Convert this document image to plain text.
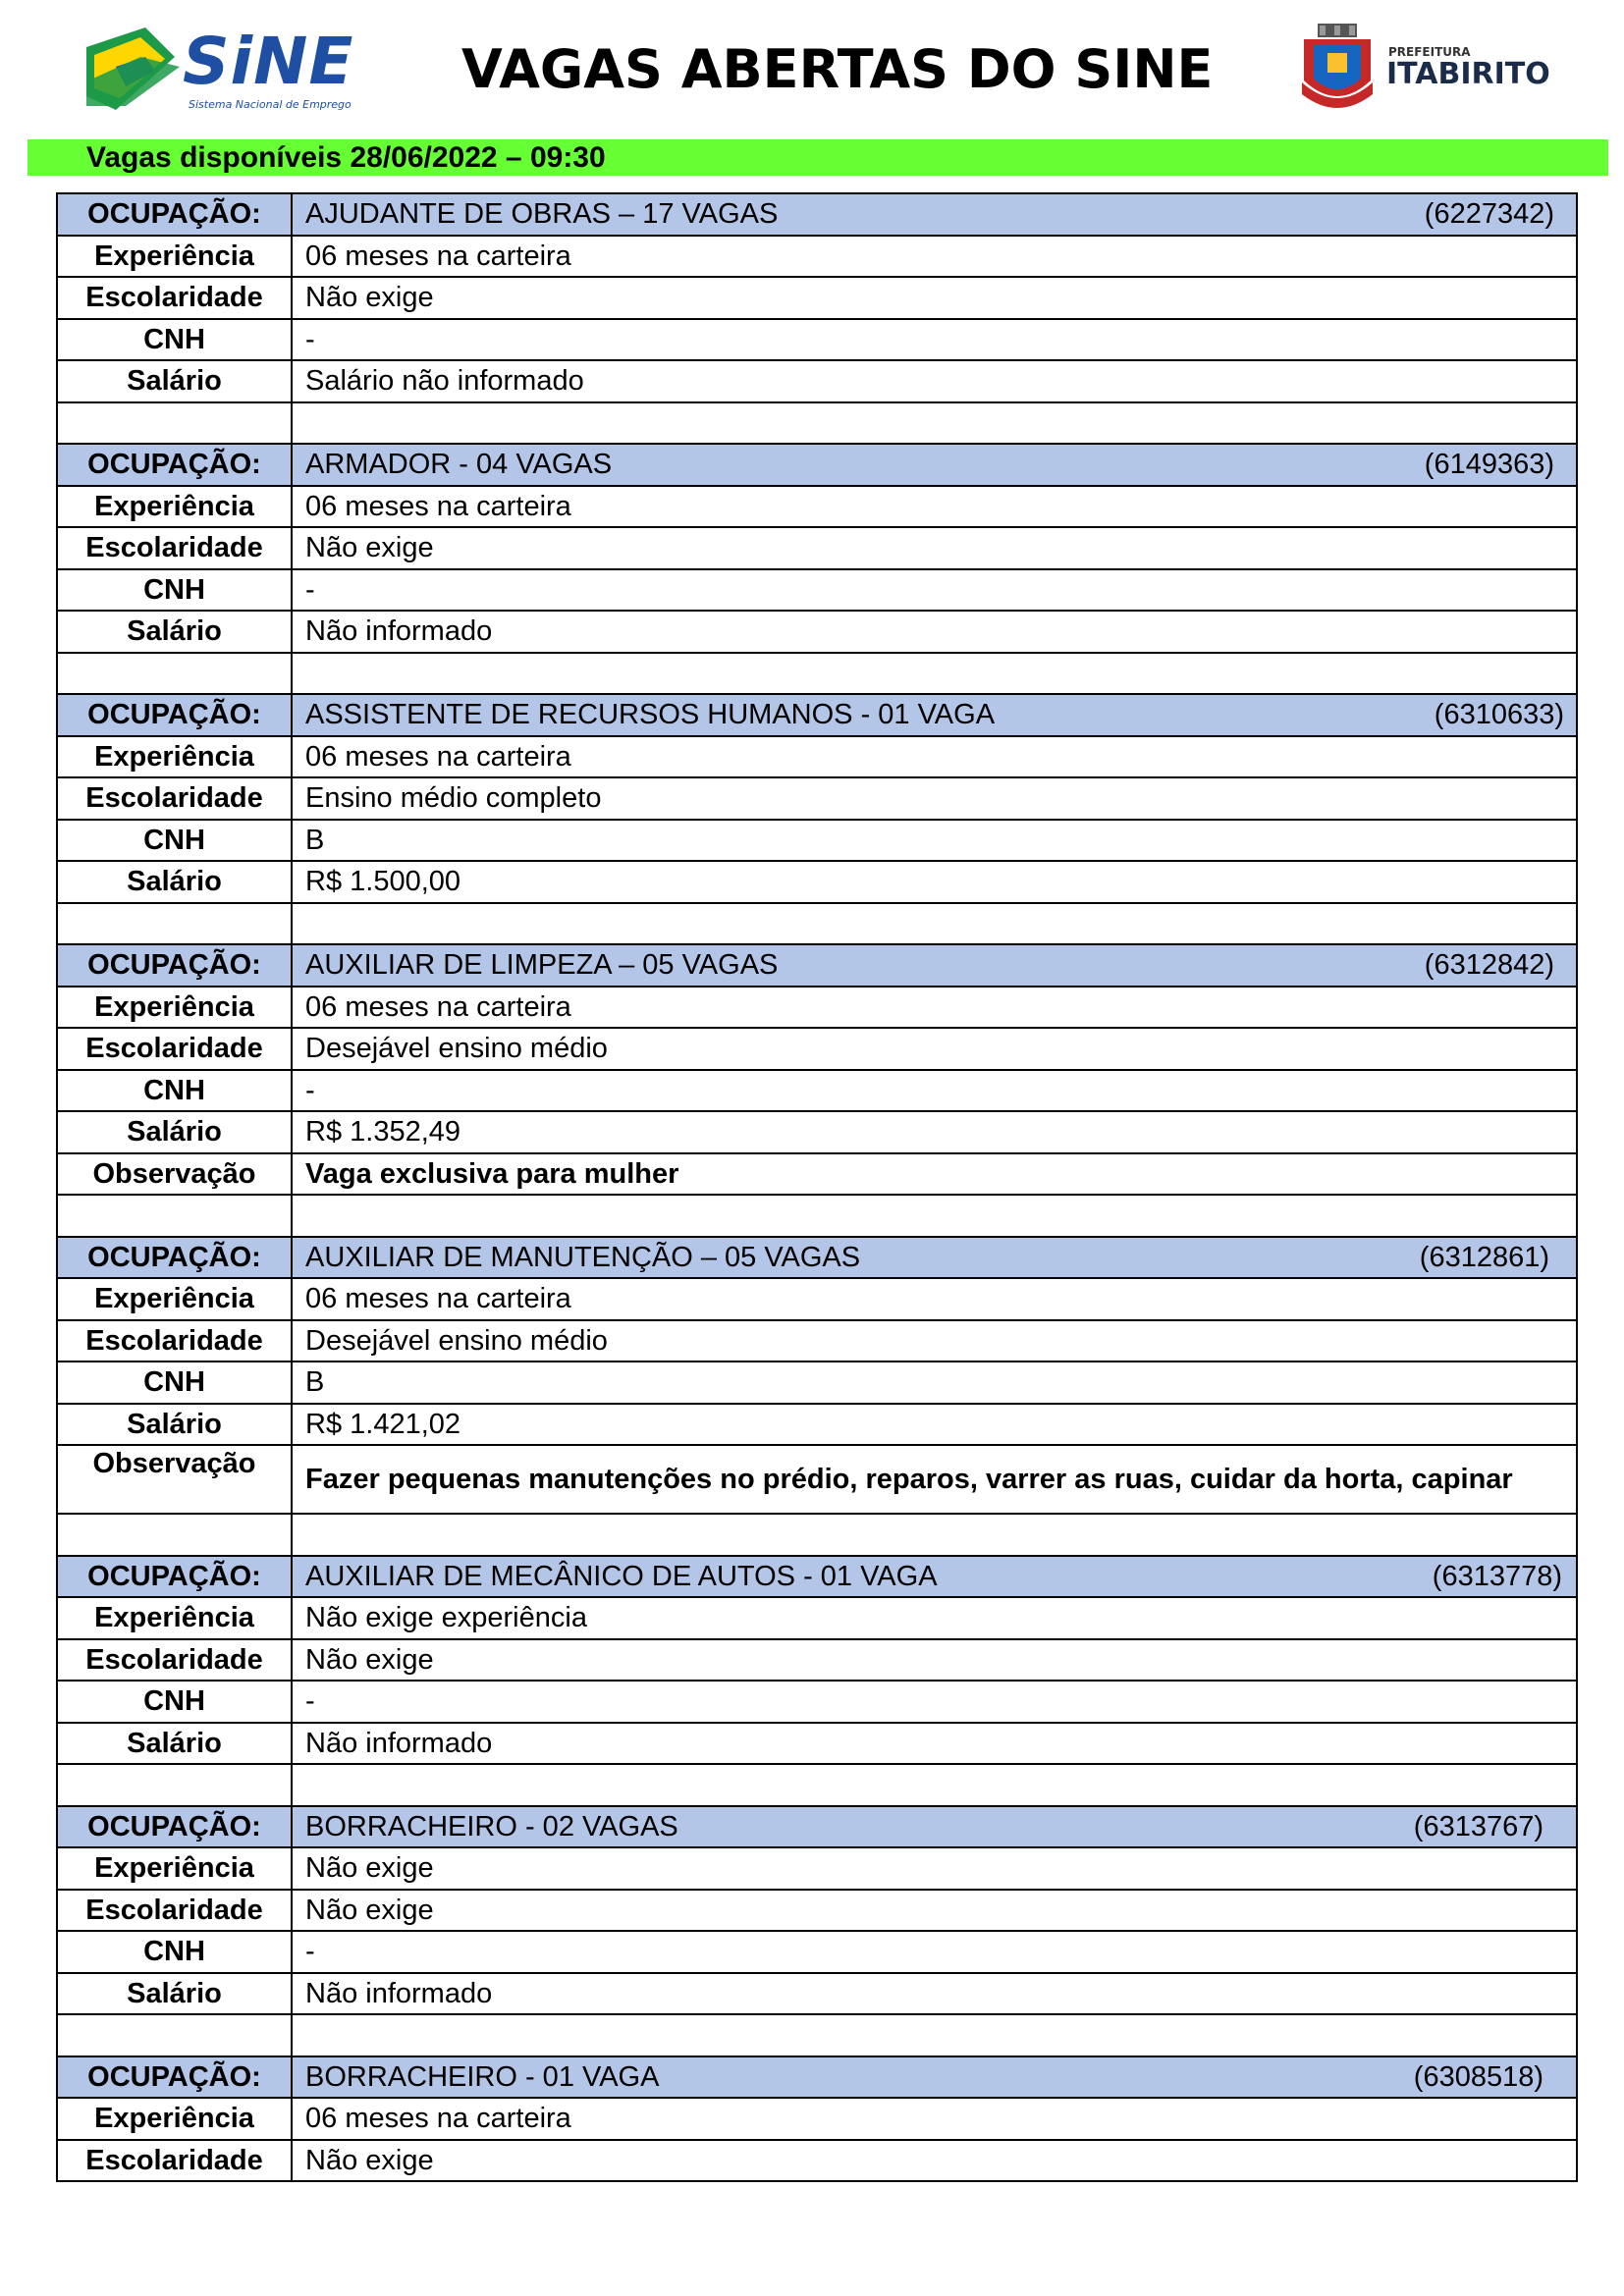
SiNE
Sistema Nacional de Emprego
VAGAS ABERTAS DO SINE	PREFEITURA
ITABIRITO
Vagas disponíveis 28/06/2022 – 09:30
OCUPAÇÃO:	AJUDANTE DE OBRAS – 17 VAGAS (6227342)

Experiência	06 meses na carteira
Escolaridade	Não exige
CNH	-
Salário	Salário não informado

OCUPAÇÃO:	ARMADOR - 04 VAGAS (6149363)

Experiência	06 meses na carteira
Escolaridade	Não exige
CNH	-
Salário	Não informado

OCUPAÇÃO:	ASSISTENTE DE RECURSOS HUMANOS - 01 VAGA (6310633)

Experiência	06 meses na carteira
Escolaridade	Ensino médio completo
CNH	B
Salário	R$ 1.500,00

OCUPAÇÃO:	AUXILIAR DE LIMPEZA – 05 VAGAS (6312842)

Experiência	06 meses na carteira
Escolaridade	Desejável ensino médio
CNH	-
Salário	R$ 1.352,49
Observação	Vaga exclusiva para mulher

OCUPAÇÃO:	AUXILIAR DE MANUTENÇÃO – 05 VAGAS (6312861)

Experiência	06 meses na carteira
Escolaridade	Desejável ensino médio
CNH	B
Salário	R$ 1.421,02
Observação	Fazer pequenas manutenções no prédio, reparos, varrer as ruas, cuidar da horta, capinar

OCUPAÇÃO:	AUXILIAR DE MECÂNICO DE AUTOS - 01 VAGA (6313778)

Experiência	Não exige experiência
Escolaridade	Não exige
CNH	-
Salário	Não informado

OCUPAÇÃO:	BORRACHEIRO - 02 VAGAS (6313767)

Experiência	Não exige
Escolaridade	Não exige
CNH	-
Salário	Não informado

OCUPAÇÃO:	BORRACHEIRO - 01 VAGA (6308518)

Experiência	06 meses na carteira
Escolaridade	Não exige
